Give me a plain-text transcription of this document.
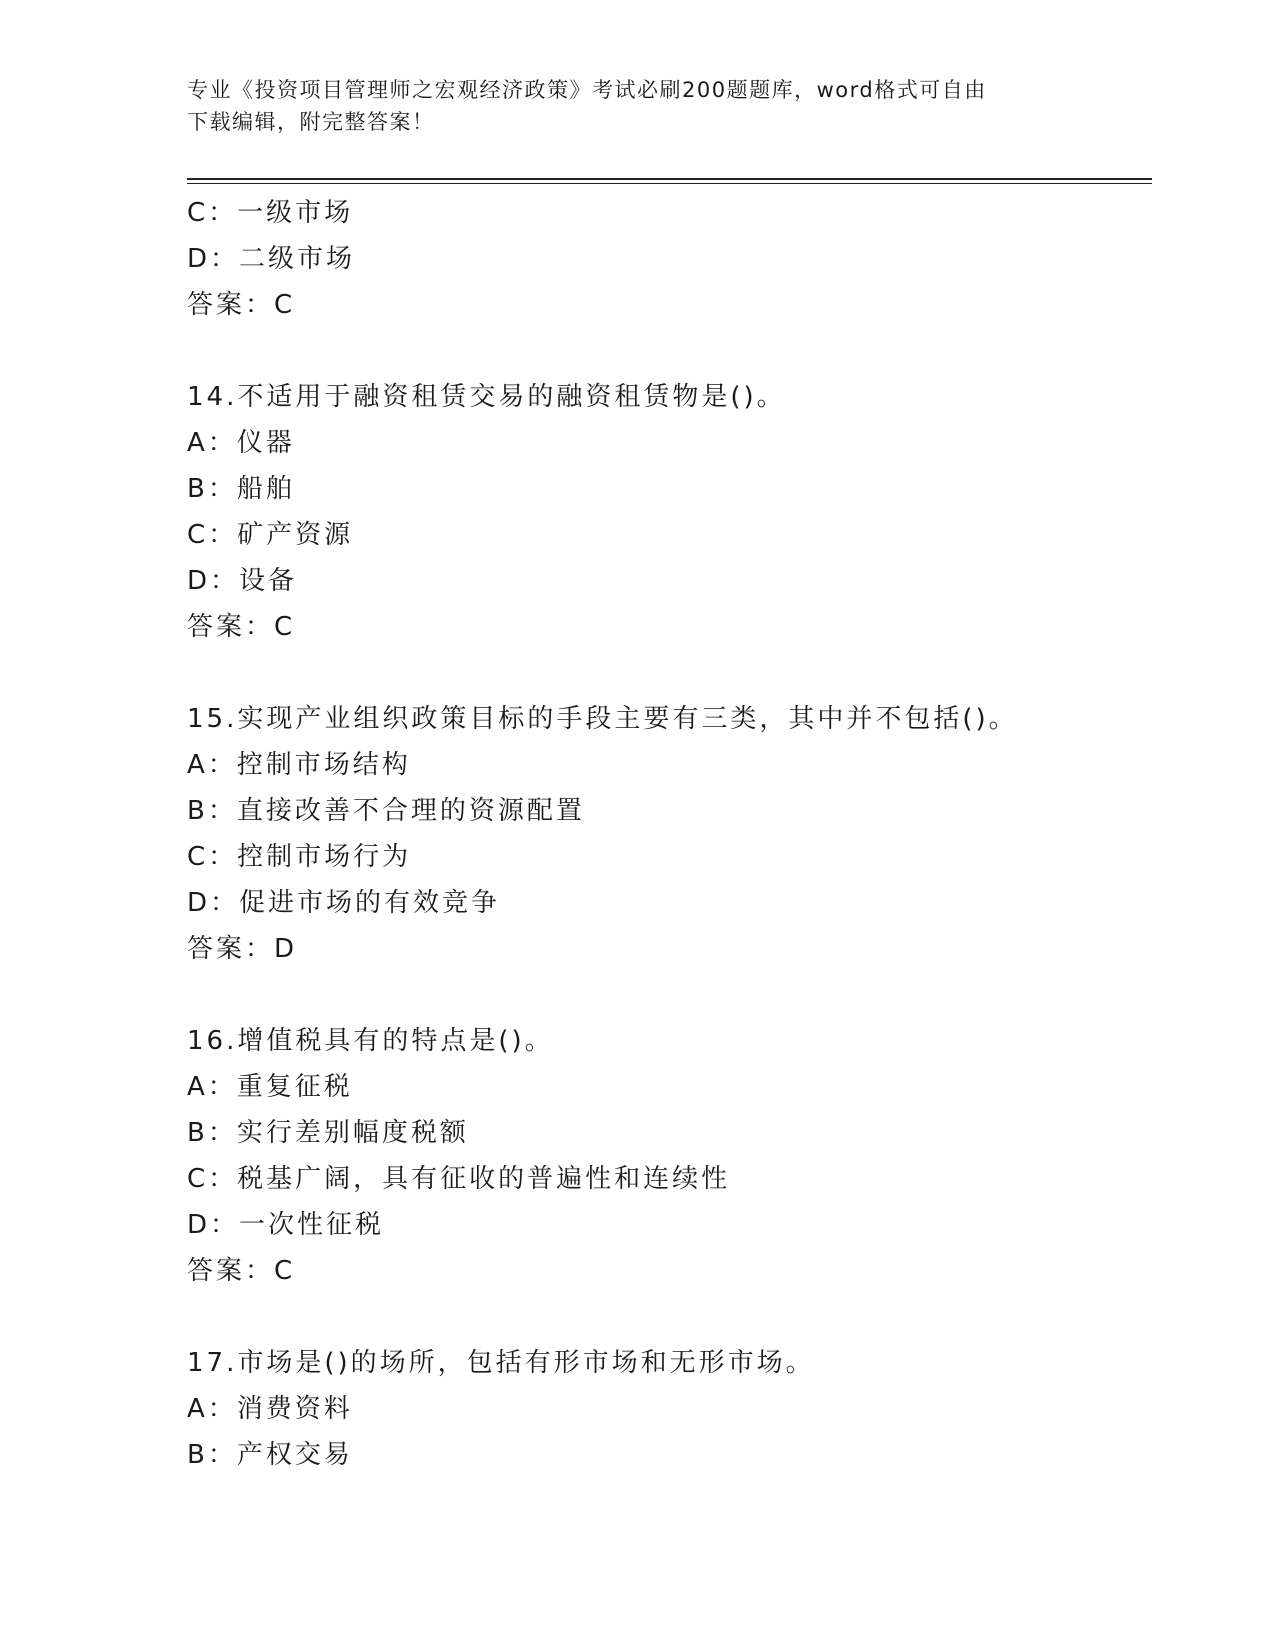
专业《投资项目管理师之宏观经济政策》考试必刷200题题库，word格式可自由
下载编辑，附完整答案！
C：一级市场
D：二级市场
答案：C
14.不适用于融资租赁交易的融资租赁物是()。
A：仪器
B：船舶
C：矿产资源
D：设备
答案：C
15.实现产业组织政策目标的手段主要有三类，其中并不包括()。
A：控制市场结构
B：直接改善不合理的资源配置
C：控制市场行为
D：促进市场的有效竞争
答案：D
16.增值税具有的特点是()。
A：重复征税
B：实行差别幅度税额
C：税基广阔，具有征收的普遍性和连续性
D：一次性征税
答案：C
17.市场是()的场所，包括有形市场和无形市场。
A：消费资料
B：产权交易
